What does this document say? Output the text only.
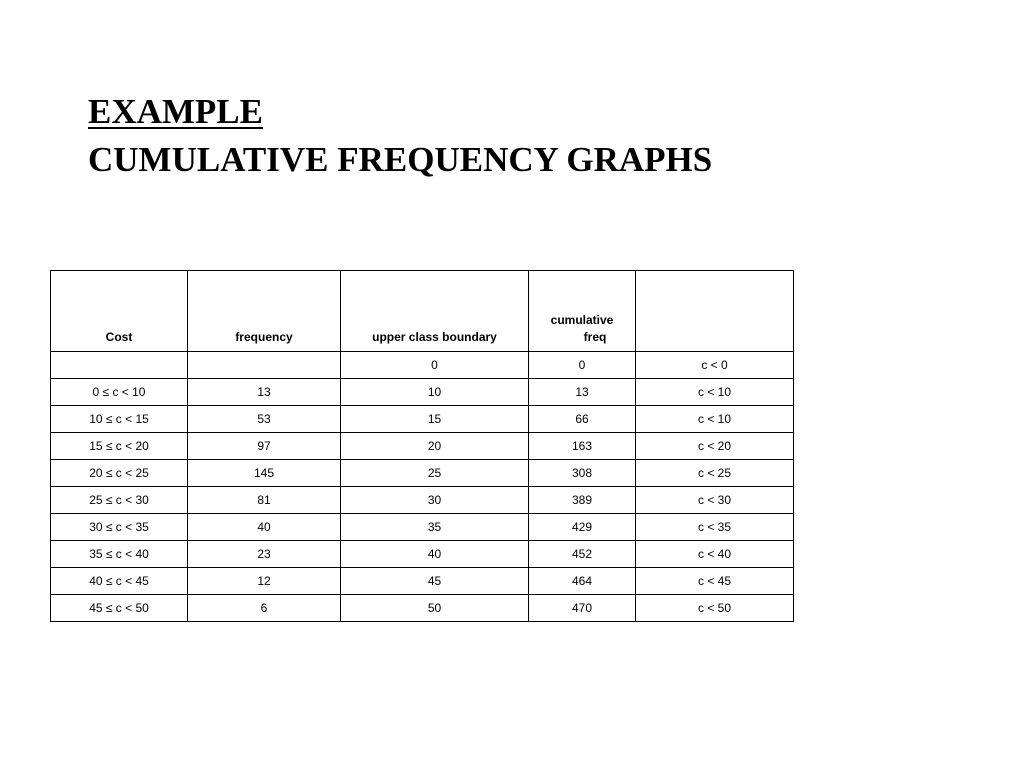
EXAMPLE
CUMULATIVE FREQUENCY GRAPHS
Cost	frequency	upper class boundary	cumulative
freq	

		0	0	c < 0
0 ≤ c < 10	13	10	13	c < 10
10 ≤ c < 15	53	15	66	c < 10
15 ≤ c < 20	97	20	163	c < 20
20 ≤ c < 25	145	25	308	c < 25
25 ≤ c < 30	81	30	389	c < 30
30 ≤ c < 35	40	35	429	c < 35
35 ≤ c < 40	23	40	452	c < 40
40 ≤ c < 45	12	45	464	c < 45
45 ≤ c < 50	6	50	470	c < 50
